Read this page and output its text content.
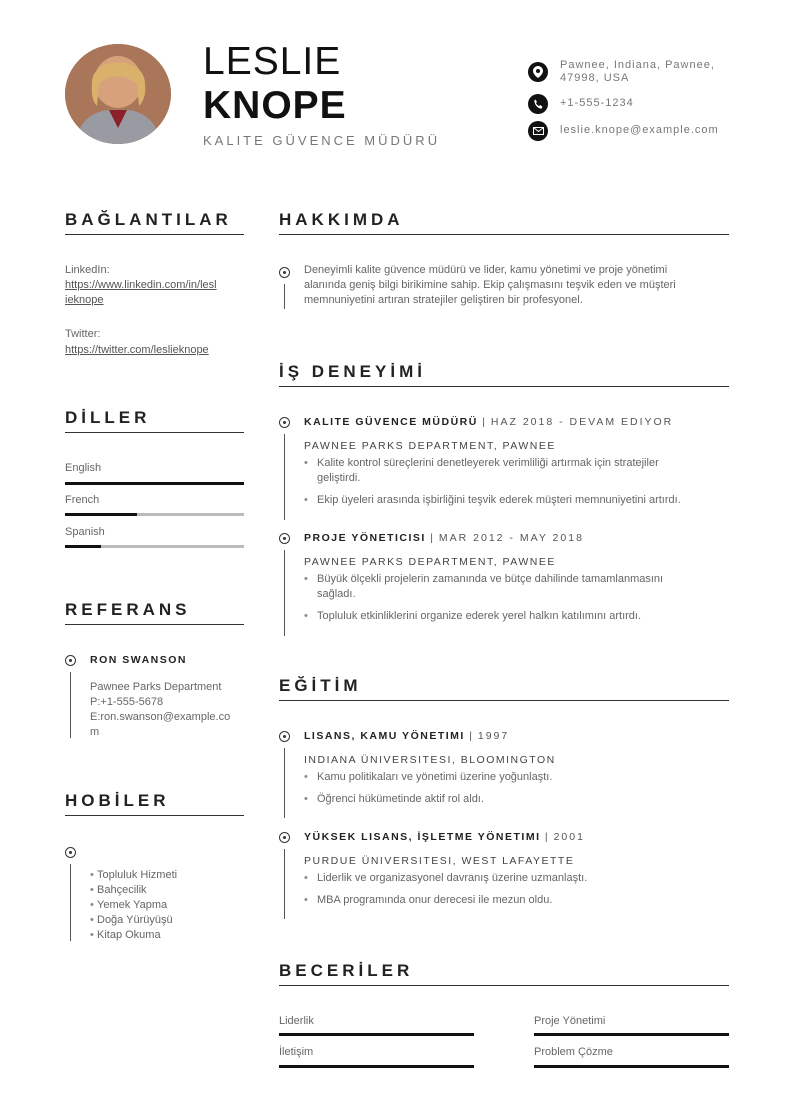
LESLIE
KNOPE
KALITE GÜVENCE MÜDÜRÜ
Pawnee, Indiana, Pawnee,
47998, USA
+1-555-1234
leslie.knope@example.com
BAĞLANTILAR
LinkedIn:
https://www.linkedin.com/in/lesl
ieknope
Twitter:
https://twitter.com/leslieknope
DİLLER
English
French
Spanish
REFERANS
RON SWANSON
Pawnee Parks Department
P:+1-555-5678
E:ron.swanson@example.co
m
HOBİLER
• Topluluk Hizmeti
• Bahçecilik
• Yemek Yapma
• Doğa Yürüyüşü
• Kitap Okuma
HAKKIMDA
Deneyimli kalite güvence müdürü ve lider, kamu yönetimi ve proje yönetimi
alanında geniş bilgi birikimine sahip. Ekip çalışmasını teşvik eden ve müşteri
memnuniyetini artıran stratejiler geliştiren bir profesyonel.
İŞ DENEYİMİ
KALITE GÜVENCE MÜDÜRÜ | HAZ 2018 - DEVAM EDIYOR
PAWNEE PARKS DEPARTMENT, PAWNEE
• Kalite kontrol süreçlerini denetleyerek verimliliği artırmak için stratejiler
geliştirdi.
• Ekip üyeleri arasında işbirliğini teşvik ederek müşteri memnuniyetini artırdı.
PROJE YÖNETICISI | MAR 2012 - MAY 2018
PAWNEE PARKS DEPARTMENT, PAWNEE
• Büyük ölçekli projelerin zamanında ve bütçe dahilinde tamamlanmasını
sağladı.
• Topluluk etkinliklerini organize ederek yerel halkın katılımını artırdı.
EĞİTİM
LISANS, KAMU YÖNETIMI | 1997
INDIANA ÜNIVERSITESI, BLOOMINGTON
• Kamu politikaları ve yönetimi üzerine yoğunlaştı.
• Öğrenci hükümetinde aktif rol aldı.
YÜKSEK LISANS, İŞLETME YÖNETIMI | 2001
PURDUE ÜNIVERSITESI, WEST LAFAYETTE
• Liderlik ve organizasyonel davranış üzerine uzmanlaştı.
• MBA programında onur derecesi ile mezun oldu.
BECERİLER
Liderlik	Proje Yönetimi
İletişim	Problem Çözme
